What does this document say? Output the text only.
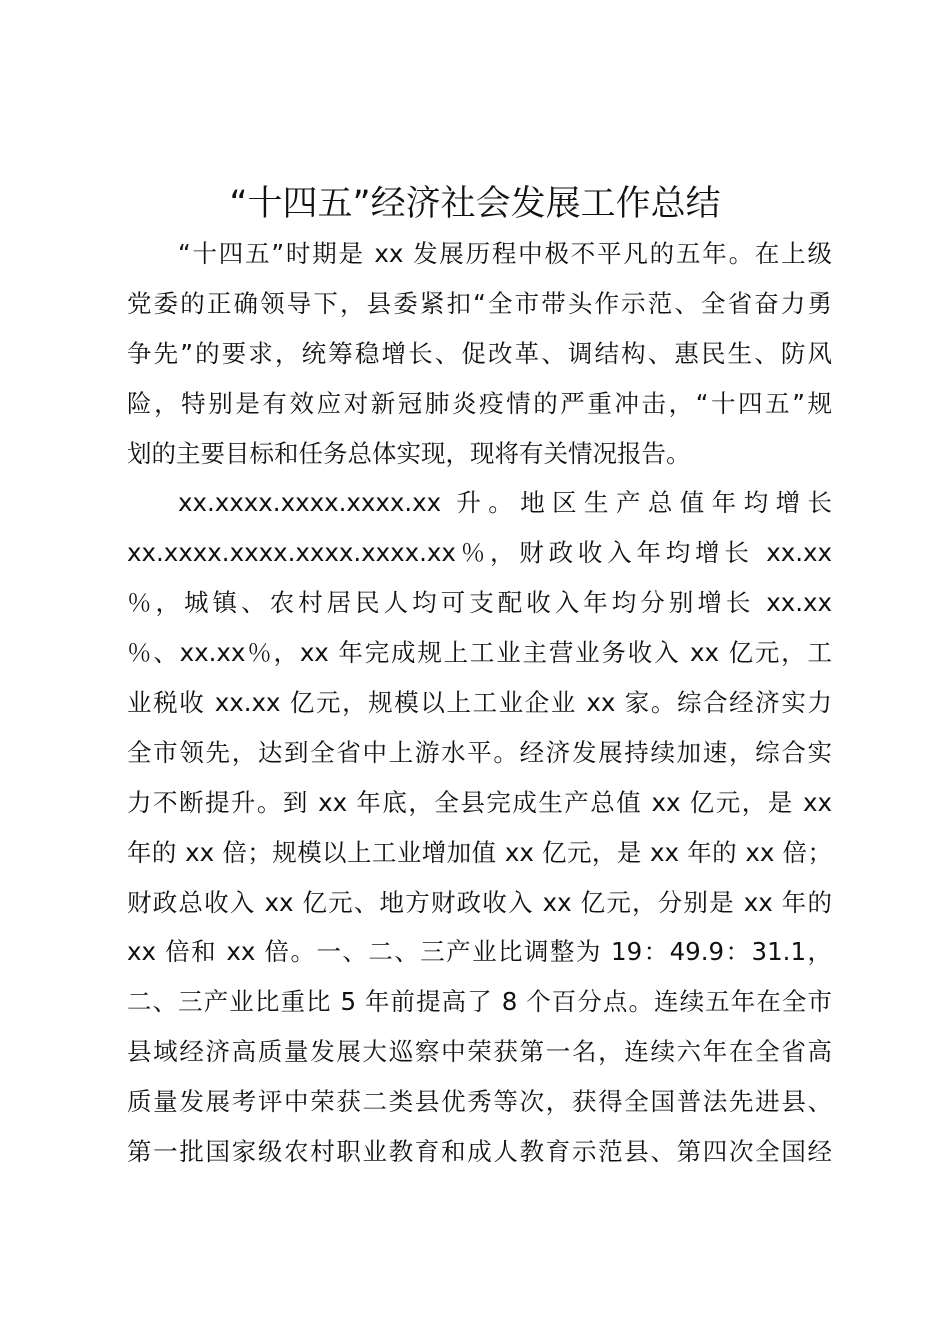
“十四五”经济社会发展工作总结
“十四五”时期是 xx 发展历程中极不平凡的五年。在上级
党委的正确领导下，县委紧扣“全市带头作示范、全省奋力勇
争先”的要求，统筹稳增长、促改革、调结构、惠民生、防风
险，特别是有效应对新冠肺炎疫情的严重冲击，“十四五”规
划的主要目标和任务总体实现，现将有关情况报告。
xx.xxxx.xxxx.xxxx.xx 升。地区生产总值年均增长
xx.xxxx.xxxx.xxxx.xxxx.xx％，财政收入年均增长 xx.xx
％，城镇、农村居民人均可支配收入年均分别增长 xx.xx
％、xx.xx％，xx 年完成规上工业主营业务收入 xx 亿元，工
业税收 xx.xx 亿元，规模以上工业企业 xx 家。综合经济实力
全市领先，达到全省中上游水平。经济发展持续加速，综合实
力不断提升。到 xx 年底，全县完成生产总值 xx 亿元，是 xx
年的 xx 倍；规模以上工业增加值 xx 亿元，是 xx 年的 xx 倍；
财政总收入 xx 亿元、地方财政收入 xx 亿元，分别是 xx 年的
xx 倍和 xx 倍。一、二、三产业比调整为 19：49.9：31.1，
二、三产业比重比 5 年前提高了 8 个百分点。连续五年在全市
县域经济高质量发展大巡察中荣获第一名，连续六年在全省高
质量发展考评中荣获二类县优秀等次，获得全国普法先进县、
第一批国家级农村职业教育和成人教育示范县、第四次全国经
